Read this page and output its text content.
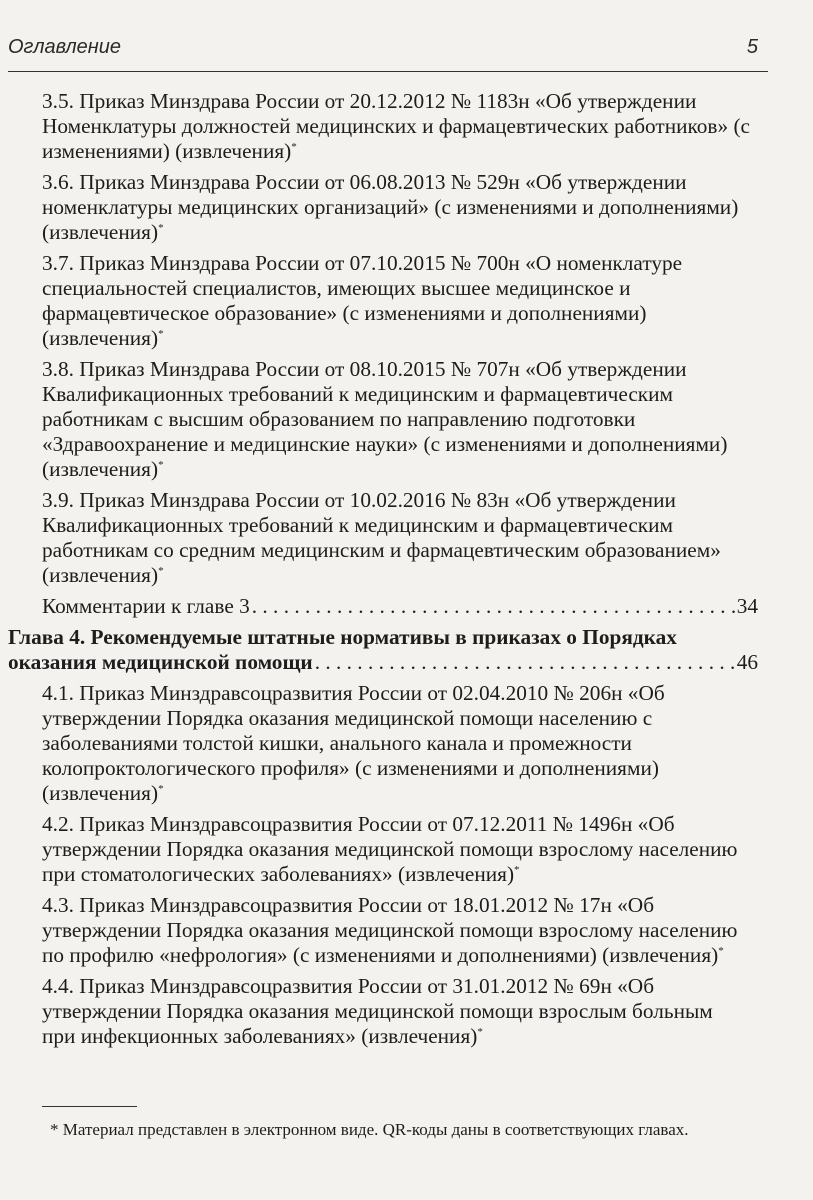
Оглавление	5
3.5. Приказ Минздрава России от 20.12.2012 № 1183н «Об утверждении Номенклатуры должностей медицинских и фармацевтических работников» (с изменениями) (извлечения)*
3.6. Приказ Минздрава России от 06.08.2013 № 529н «Об утверждении номенклатуры медицинских организаций» (с изменениями и дополнениями) (извлечения)*
3.7. Приказ Минздрава России от 07.10.2015 № 700н «О номенклатуре специальностей специалистов, имеющих высшее медицинское и фармацевтическое образование» (с изменениями и дополнениями) (извлечения)*
3.8. Приказ Минздрава России от 08.10.2015 № 707н «Об утверждении Квалификационных требований к медицинским и фармацевтическим работникам с высшим образованием по направлению подготовки «Здравоохранение и медицинские науки» (с изменениями и дополнениями) (извлечения)*
3.9. Приказ Минздрава России от 10.02.2016 № 83н «Об утверждении Квалификационных требований к медицинским и фармацевтическим работникам со средним медицинским и фармацевтическим образованием» (извлечения)*
Комментарии к главе 3 . . .	34
Глава 4. Рекомендуемые штатные нормативы в приказах о Порядках
оказания медицинской помощи . . .	46
4.1. Приказ Минздравсоцразвития России от 02.04.2010 № 206н «Об утверждении Порядка оказания медицинской помощи населению с заболеваниями толстой кишки, анального канала и промежности колопроктологического профиля» (с изменениями и дополнениями) (извлечения)*
4.2. Приказ Минздравсоцразвития России от 07.12.2011 № 1496н «Об утверждении Порядка оказания медицинской помощи взрослому населению при стоматологических заболеваниях» (извлечения)*
4.3. Приказ Минздравсоцразвития России от 18.01.2012 № 17н «Об утверждении Порядка оказания медицинской помощи взрослому населению по профилю «нефрология» (с изменениями и дополнениями) (извлечения)*
4.4. Приказ Минздравсоцразвития России от 31.01.2012 № 69н «Об утверждении Порядка оказания медицинской помощи взрослым больным при инфекционных заболеваниях» (извлечения)*
* Материал представлен в электронном виде. QR-коды даны в соответствующих главах.
